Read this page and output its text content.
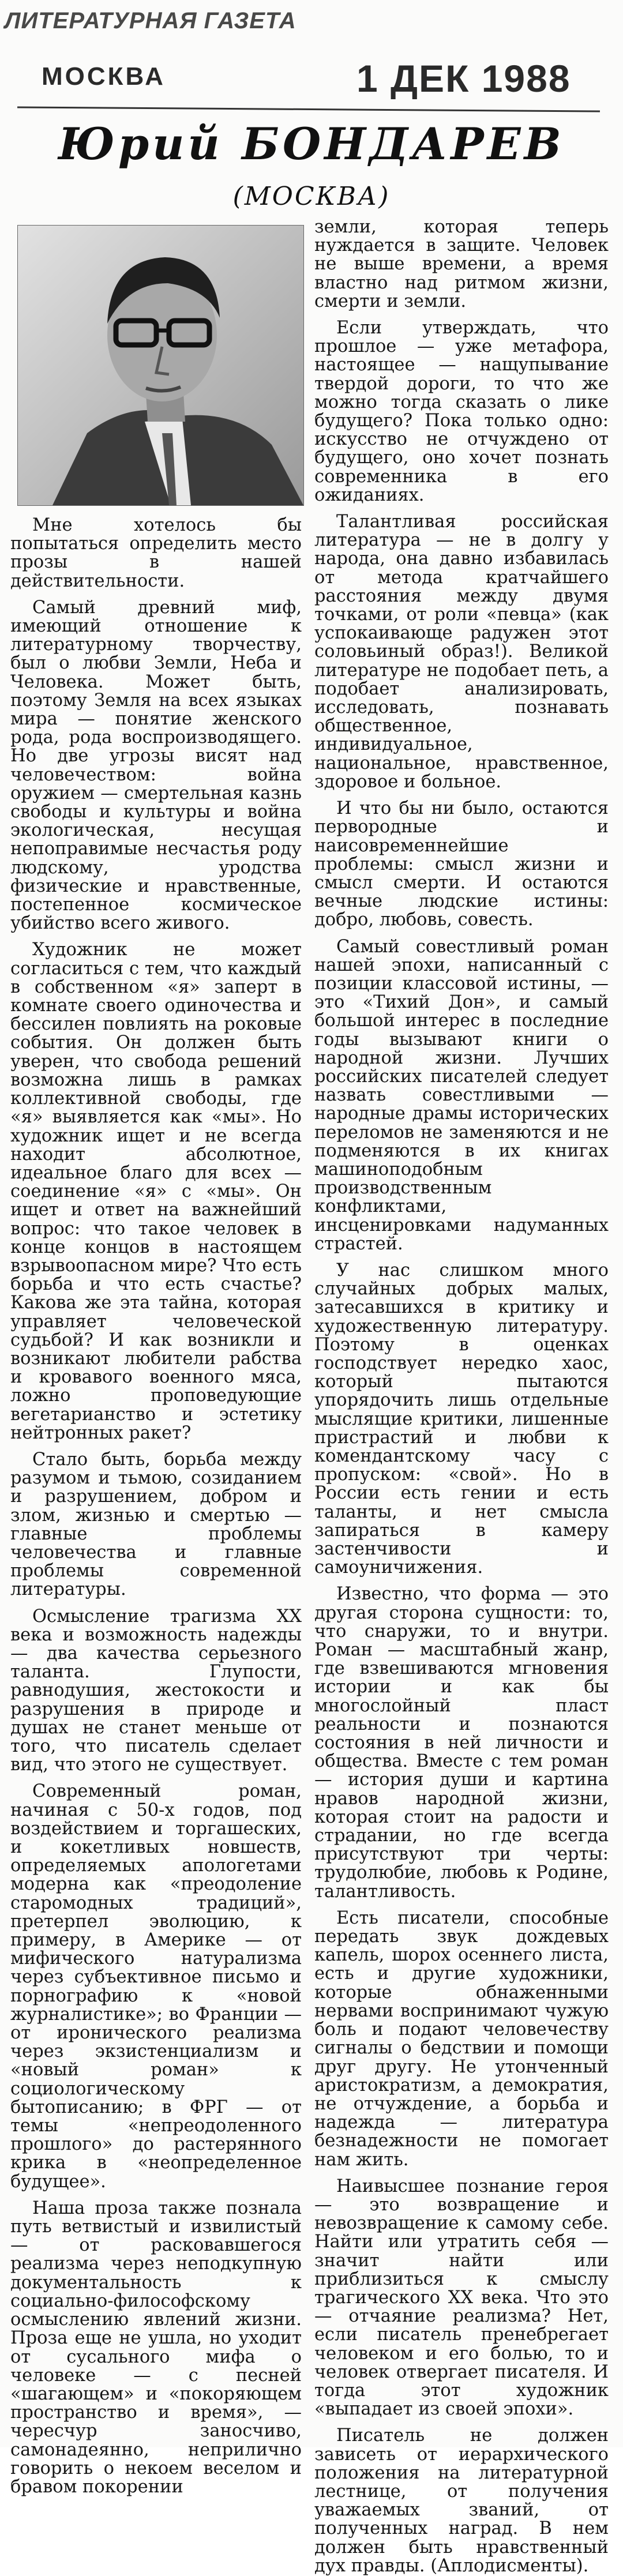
ЛИТЕРАТУРНАЯ ГАЗЕТА
МОСКВА	1 ДЕК 1988
Юрий БОНДАРЕВ
(МОСКВА)

Мне хотелось бы попытаться определить место прозы в нашей действительности.

Самый древний миф, имеющий отношение к литературному творчеству, был о любви Земли, Неба и Человека. Может быть, поэтому Земля на всех языках мира — понятие женского рода, рода воспроизводящего. Но две угрозы висят над человечеством: война оружием — смертельная казнь свободы и культуры и война экологическая, несущая непоправимые несчастья роду людскому, уродства физические и нравственные, постепенное космическое убийство всего живого.

Художник не может согласиться с тем, что каждый в собственном «я» заперт в комнате своего одиночества и бессилен повлиять на роковые события. Он должен быть уверен, что свобода решений возможна лишь в рамках коллективной свободы, где «я» выявляется как «мы». Но художник ищет и не всегда находит абсолютное, идеальное благо для всех — соединение «я» с «мы». Он ищет и ответ на важнейший вопрос: что такое человек в конце концов в настоящем взрывоопасном мире? Что есть борьба и что есть счастье? Какова же эта тайна, которая управляет человеческой судьбой? И как возникли и возникают любители рабства и кровавого военного мяса, ложно проповедующие вегетарианство и эстетику нейтронных ракет?

Стало быть, борьба между разумом и тьмою, созиданием и разрушением, добром и злом, жизнью и смертью — главные проблемы человечества и главные проблемы современной литературы.

Осмысление трагизма XX века и возможность надежды — два качества серьезного таланта. Глупости, равнодушия, жестокости и разрушения в природе и душах не станет меньше от того, что писатель сделает вид, что этого не существует.

Современный роман, начиная с 50-х годов, под воздействием и торгашеских, и кокетливых новшеств, определяемых апологетами модерна как «преодоление старомодных традиций», претерпел эволюцию, к примеру, в Америке — от мифического натурализма через субъективное письмо и порнографию к «новой журналистике»; во Франции — от иронического реализма через экзистенциализм и «новый роман» к социологическому бытописанию; в ФРГ — от темы «непреодоленного прошлого» до растерянного крика в «неопределенное будущее».

Наша проза также познала путь ветвистый и извилистый — от расковавшегося реализма через неподкупную документальность к социально-философскому осмыслению явлений жизни. Проза еще не ушла, но уходит от сусального мифа о человеке — с песней «шагающем» и «покоряющем пространство и время», — чересчур заносчиво, самонадеянно, неприлично говорить о некоем веселом и бравом покорении

земли, которая теперь нуждается в защите. Человек не выше времени, а время властно над ритмом жизни, смерти и земли.

Если утверждать, что прошлое — уже метафора, настоящее — нащупывание твердой дороги, то что же можно тогда сказать о лике будущего? Пока только одно: искусство не отчуждено от будущего, оно хочет познать современника в его ожиданиях.

Талантливая российская литература — не в долгу у народа, она давно избавилась от метода кратчайшего расстояния между двумя точками, от роли «певца» (как успокаивающе радужен этот соловьиный образ!). Великой литературе не подобает петь, а подобает анализировать, исследовать, познавать общественное, индивидуальное, национальное, нравственное, здоровое и больное.

И что бы ни было, остаются первородные и наисовременнейшие проблемы: смысл жизни и смысл смерти. И остаются вечные людские истины: добро, любовь, совесть.

Самый совестливый роман нашей эпохи, написанный с позиции классовой истины, — это «Тихий Дон», и самый большой интерес в последние годы вызывают книги о народной жизни. Лучших российских писателей следует назвать совестливыми — народные драмы исторических переломов не заменяются и не подменяются в их книгах машиноподобным производственным конфликтами, инсценировками надуманных страстей.

У нас слишком много случайных добрых малых, затесавшихся в критику и художественную литературу. Поэтому в оценках господствует нередко хаос, который пытаются упорядочить лишь отдельные мыслящие критики, лишенные пристрастий и любви к комендантскому часу с пропуском: «свой». Но в России есть гении и есть таланты, и нет смысла запираться в камеру застенчивости и самоуничижения.

Известно, что форма — это другая сторона сущности: то, что снаружи, то и внутри. Роман — масштабный жанр, где взвешиваются мгновения истории и как бы многослойный пласт реальности и познаются состояния в ней личности и общества. Вместе с тем роман — история души и картина нравов народной жизни, которая стоит на радости и страдании, но где всегда присутствуют три черты: трудолюбие, любовь к Родине, талантливость.

Есть писатели, способные передать звук дождевых капель, шорох осеннего листа, есть и другие художники, которые обнаженными нервами воспринимают чужую боль и подают человечеству сигналы о бедствии и помощи друг другу. Не утонченный аристократизм, а демократия, не отчуждение, а борьба и надежда — литература безнадежности не помогает нам жить.

Наивысшее познание героя — это возвращение и невозвращение к самому себе. Найти или утратить себя — значит найти или приблизиться к смыслу трагического XX века. Что это — отчаяние реализма? Нет, если писатель пренебрегает человеком и его болью, то и человек отвергает писателя. И тогда этот художник «выпадает из своей эпохи».

Писатель не должен зависеть от иерархического положения на литературной лестнице, от получения уважаемых званий, от полученных наград. В нем должен быть нравственный дух правды. (Аплодисменты).
